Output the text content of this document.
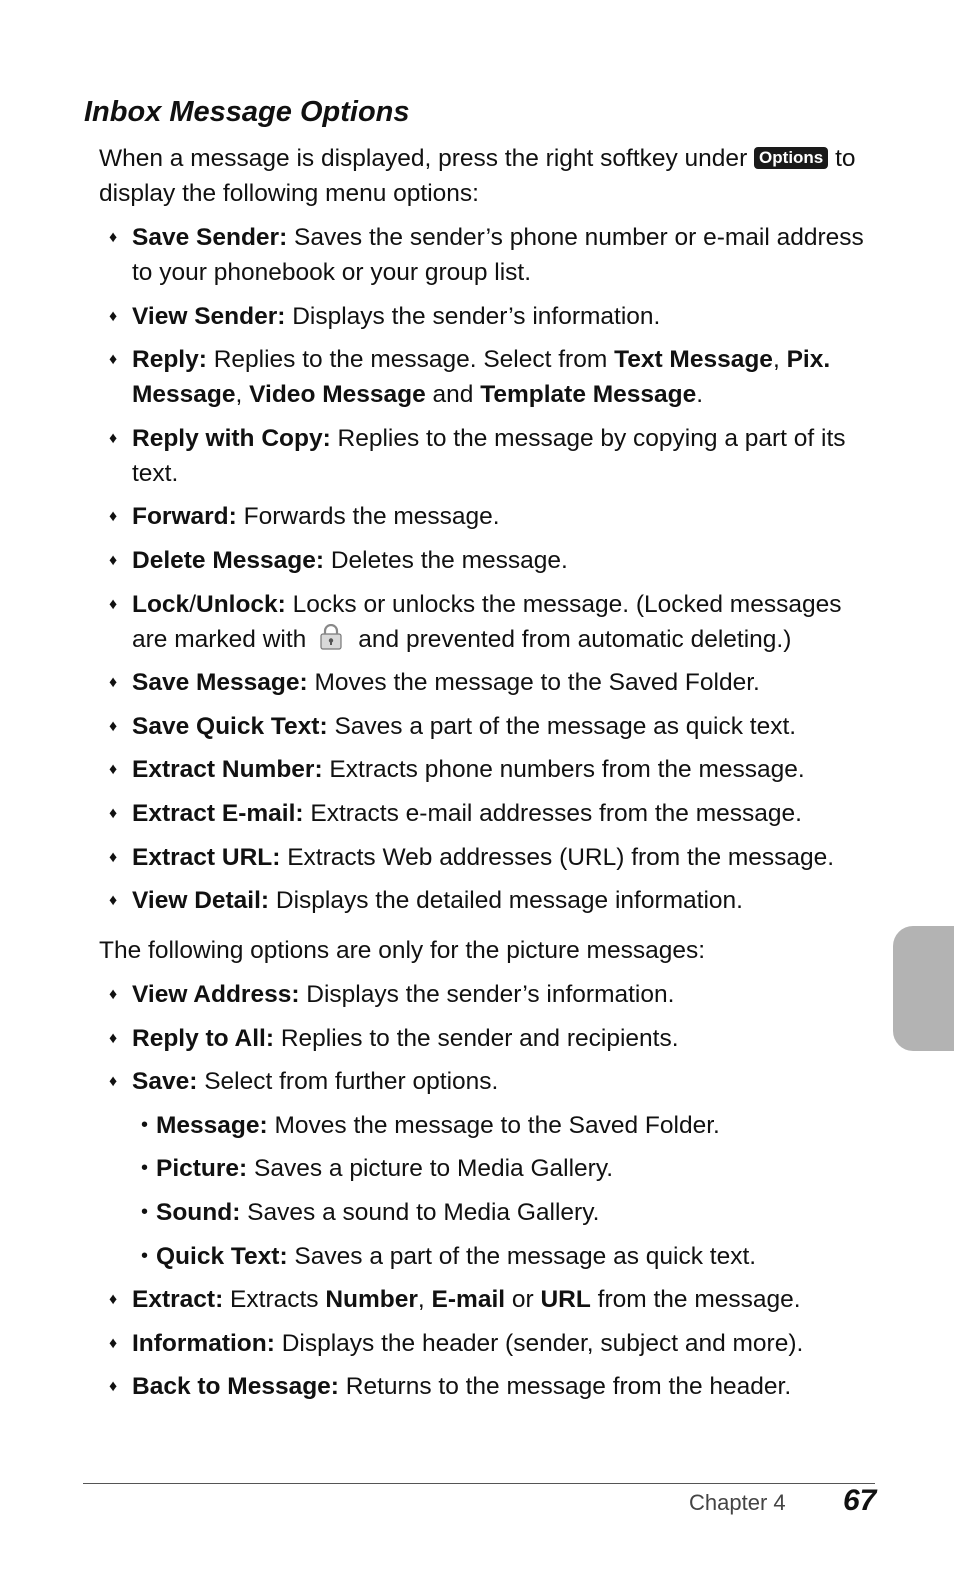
Inbox Message Options

When a message is displayed, press the right softkey under Options to display the following menu options:

♦ Save Sender: Saves the sender’s phone number or e-mail address to your phonebook or your group list.
♦ View Sender: Displays the sender’s information.
♦ Reply: Replies to the message. Select from Text Message, Pix. Message, Video Message and Template Message.
♦ Reply with Copy: Replies to the message by copying a part of its text.
♦ Forward: Forwards the message.
♦ Delete Message: Deletes the message.
♦ Lock/Unlock: Locks or unlocks the message. (Locked messages are marked with and prevented from automatic deleting.)
♦ Save Message: Moves the message to the Saved Folder.
♦ Save Quick Text: Saves a part of the message as quick text.
♦ Extract Number: Extracts phone numbers from the message.
♦ Extract E-mail: Extracts e-mail addresses from the message.
♦ Extract URL: Extracts Web addresses (URL) from the message.
♦ View Detail: Displays the detailed message information.

The following options are only for the picture messages:

♦ View Address: Displays the sender’s information.
♦ Reply to All: Replies to the sender and recipients.
♦ Save: Select from further options.
• Message: Moves the message to the Saved Folder.
• Picture: Saves a picture to Media Gallery.
• Sound: Saves a sound to Media Gallery.
• Quick Text: Saves a part of the message as quick text.
♦ Extract: Extracts Number, E-mail or URL from the message.
♦ Information: Displays the header (sender, subject and more).
♦ Back to Message: Returns to the message from the header.
Chapter 4 67
